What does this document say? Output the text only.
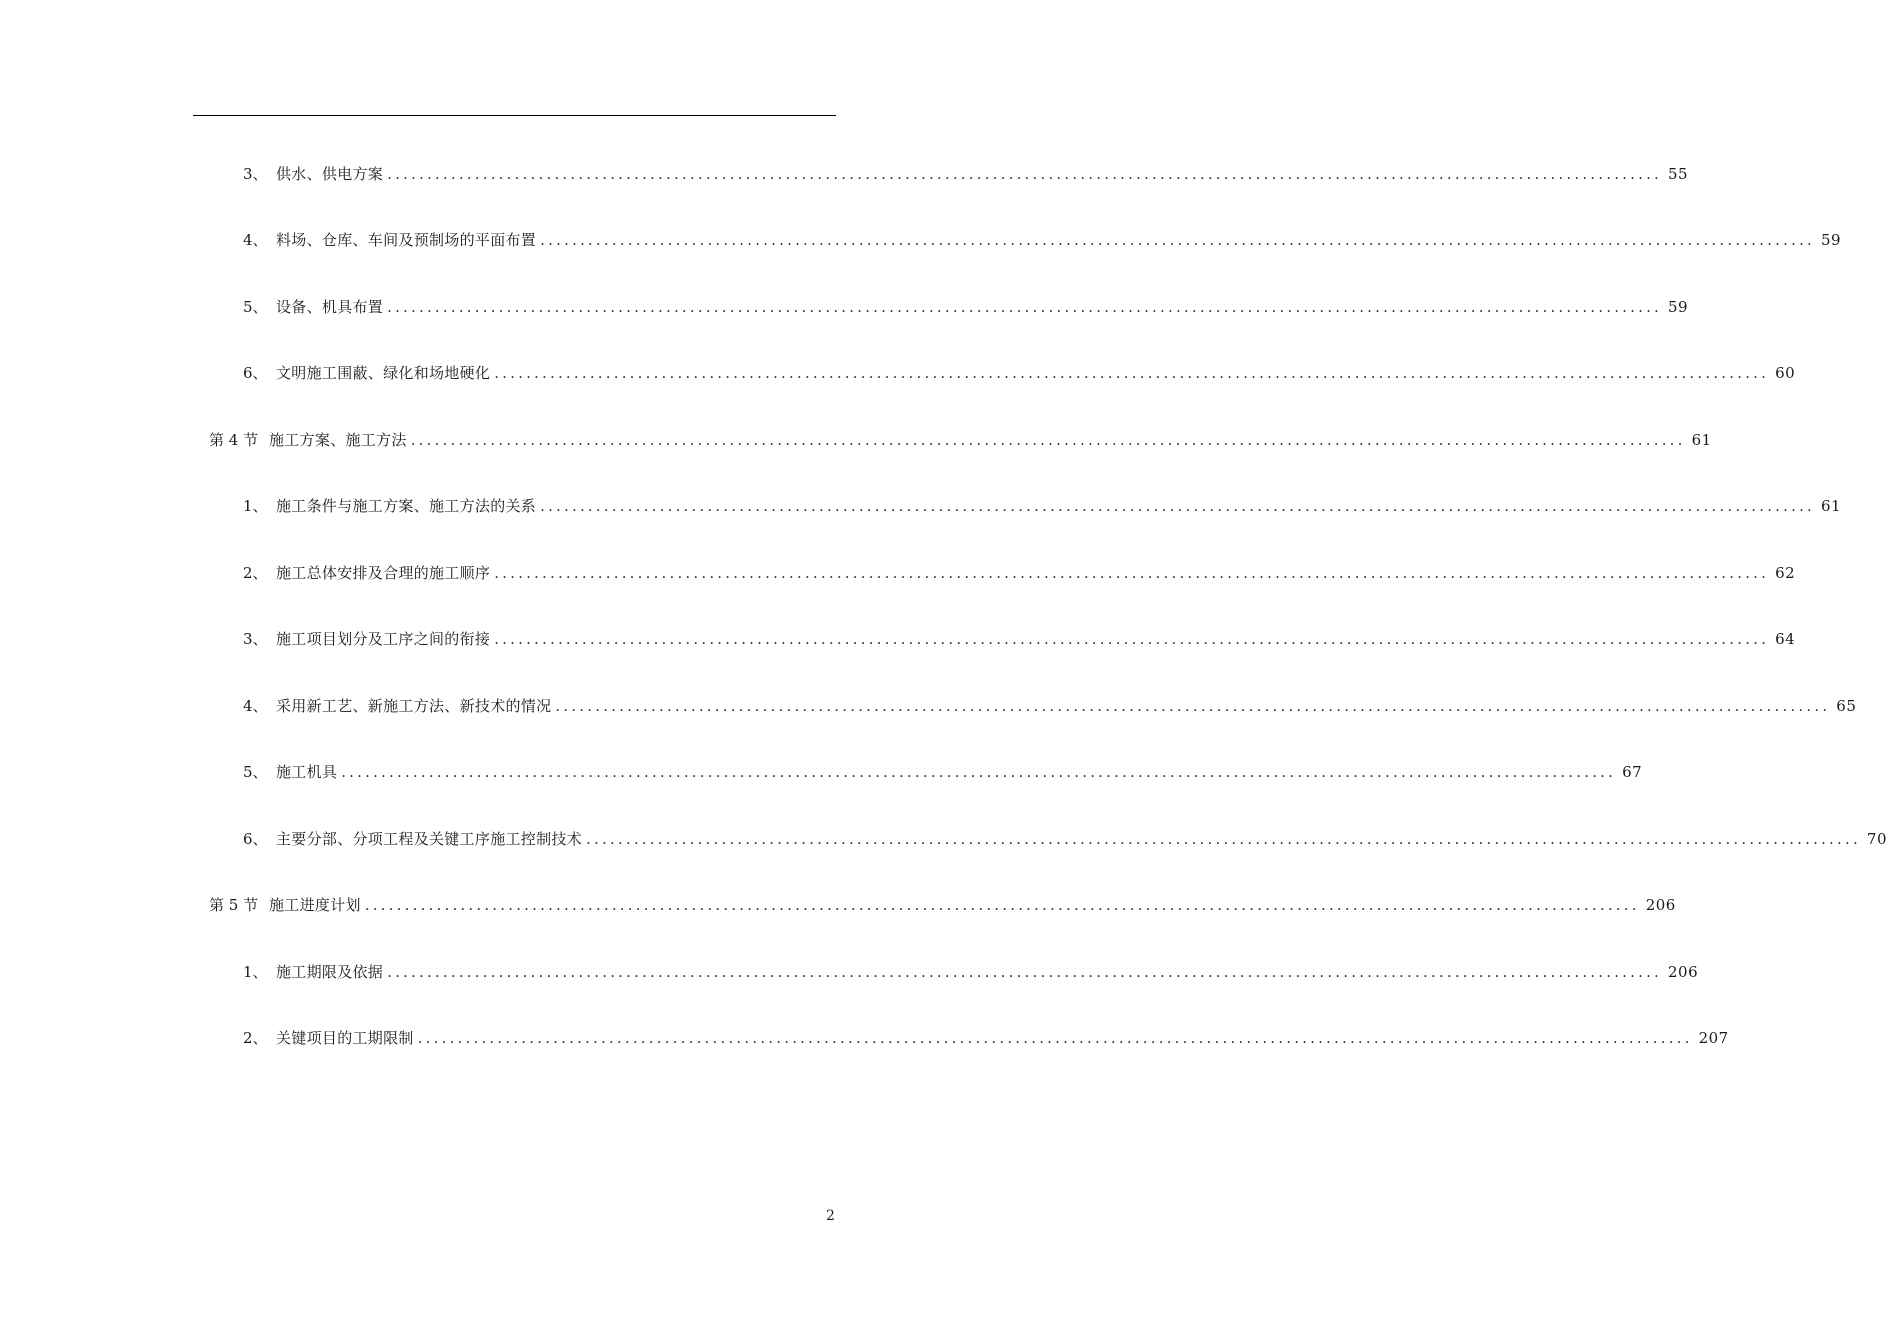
3、 供水、供电方案 ................................................................................................................................................................ 55
4、 料场、仓库、车间及预制场的平面布置 ................................................................................................................................................................ 59
5、 设备、机具布置 ................................................................................................................................................................ 59
6、 文明施工围蔽、绿化和场地硬化 ................................................................................................................................................................ 60
第 4 节 施工方案、施工方法 ................................................................................................................................................................ 61
1、 施工条件与施工方案、施工方法的关系 ................................................................................................................................................................ 61
2、 施工总体安排及合理的施工顺序 ................................................................................................................................................................ 62
3、 施工项目划分及工序之间的衔接 ................................................................................................................................................................ 64
4、 采用新工艺、新施工方法、新技术的情况 ................................................................................................................................................................ 65
5、 施工机具 ................................................................................................................................................................ 67
6、 主要分部、分项工程及关键工序施工控制技术 ................................................................................................................................................................ 70
第 5 节 施工进度计划 ................................................................................................................................................................ 206
1、 施工期限及依据 ................................................................................................................................................................ 206
2、 关键项目的工期限制 ................................................................................................................................................................ 207
2
